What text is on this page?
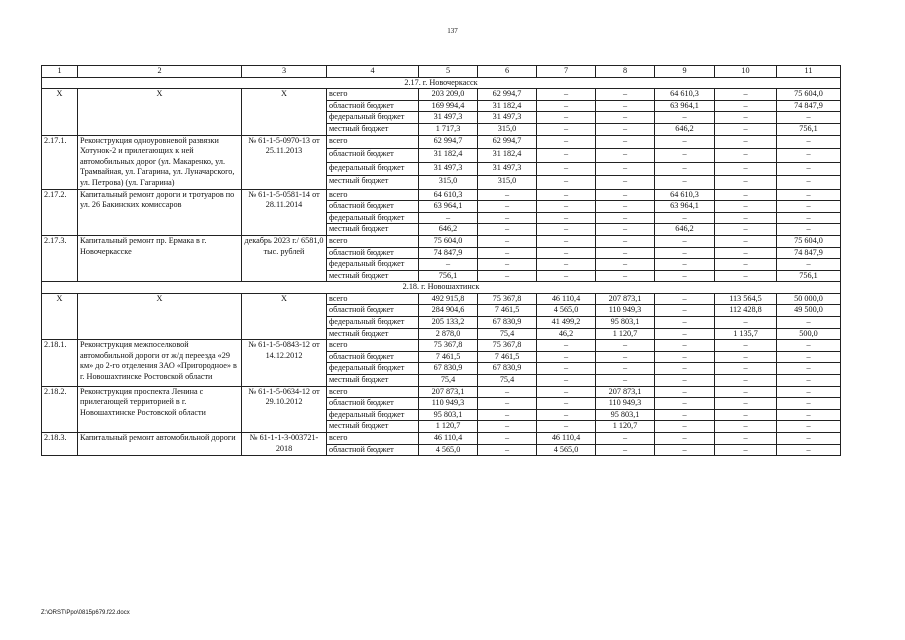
137
1	2	3	4	5	6	7	8	9	10	11
2.17. г. Новочеркасск										
Х	Х	Х	всего	203 209,0	62 994,7	–	–	64 610,3	–	75 604,0
			областной бюджет	169 994,4	31 182,4	–	–	63 964,1	–	74 847,9
			федеральный бюджет	31 497,3	31 497,3	–	–	–	–	–
			местный бюджет	1 717,3	315,0	–	–	646,2	–	756,1
2.17.1.	Реконструкция одноуровневой развязки Хотунок-2 и прилегающих к ней автомобильных дорог (ул. Макаренко, ул. Трамвайная, ул. Гагарина, ул. Луначарского, ул. Петрова) (ул. Гагарина)	№ 61-1-5-0970-13 от 25.11.2013	всего	62 994,7	62 994,7	–	–	–	–	–
			областной бюджет	31 182,4	31 182,4	–	–	–	–	–
			федеральный бюджет	31 497,3	31 497,3	–	–	–	–	–
			местный бюджет	315,0	315,0	–	–	–	–	–
2.17.2.	Капитальный ремонт дороги и тротуаров по ул. 26 Бакинских комиссаров	№ 61-1-5-0581-14 от 28.11.2014	всего	64 610,3	–	–	–	64 610,3	–	–
			областной бюджет	63 964,1	–	–	–	63 964,1	–	–
			федеральный бюджет	–	–	–	–	–	–	–
			местный бюджет	646,2	–	–	–	646,2	–	–
2.17.3.	Капитальный ремонт пр. Ермака в г. Новочеркасске	декабрь 2023 г./ 6581,0 тыс. рублей	всего	75 604,0	–	–	–	–	–	75 604,0
			областной бюджет	74 847,9	–	–	–	–	–	74 847,9
			федеральный бюджет	–	–	–	–	–	–	–
			местный бюджет	756,1	–	–	–	–	–	756,1
2.18. г. Новошахтинск										
Х	Х	Х	всего	492 915,8	75 367,8	46 110,4	207 873,1	–	113 564,5	50 000,0
			областной бюджет	284 904,6	7 461,5	4 565,0	110 949,3	–	112 428,8	49 500,0
			федеральный бюджет	205 133,2	67 830,9	41 499,2	95 803,1	–	–	–
			местный бюджет	2 878,0	75,4	46,2	1 120,7	–	1 135,7	500,0
2.18.1.	Реконструкция межпоселковой автомобильной дороги от ж/д переезда «29 км» до 2-го отделения ЗАО «Пригородное» в г. Новошахтинске Ростовской области	№ 61-1-5-0843-12 от 14.12.2012	всего	75 367,8	75 367,8	–	–	–	–	–
			областной бюджет	7 461,5	7 461,5	–	–	–	–	–
			федеральный бюджет	67 830,9	67 830,9	–	–	–	–	–
			местный бюджет	75,4	75,4	–	–	–	–	–
2.18.2.	Реконструкция проспекта Ленина с прилегающей территорией в г. Новошахтинске Ростовской области	№ 61-1-5-0634-12 от 29.10.2012	всего	207 873,1	–	–	207 873,1	–	–	–
			областной бюджет	110 949,3	–	–	110 949,3	–	–	–
			федеральный бюджет	95 803,1	–	–	95 803,1	–	–	–
			местный бюджет	1 120,7	–	–	1 120,7	–	–	–
2.18.3.	Капитальный ремонт автомобильной дороги	№ 61-1-1-3-003721-2018	всего	46 110,4	–	46 110,4	–	–	–	–
			областной бюджет	4 565,0	–	4 565,0	–	–	–	–
Z:\ORST\Ppo\0815p679.f22.docx
